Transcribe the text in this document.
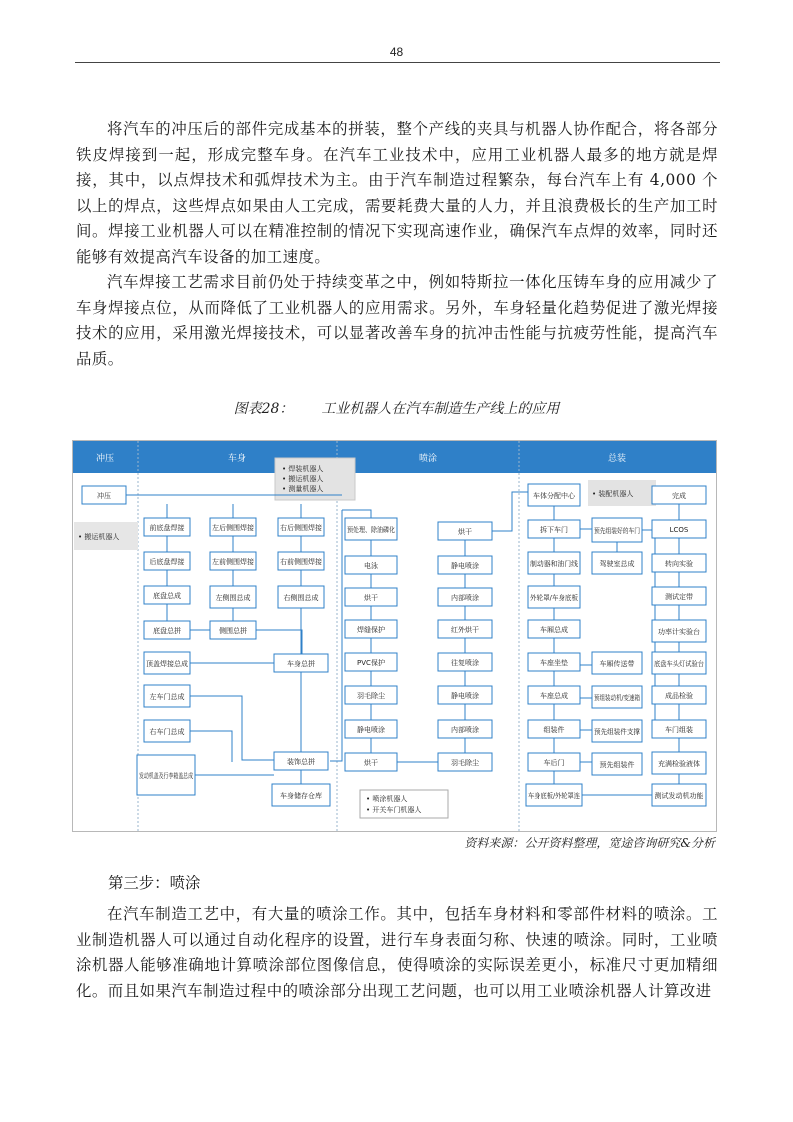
48

将汽车的冲压后的部件完成基本的拼装，整个产线的夹具与机器人协作配合，将各部分铁皮焊接到一起，形成完整车身。在汽车工业技术中，应用工业机器人最多的地方就是焊接，其中，以点焊技术和弧焊技术为主。由于汽车制造过程繁杂，每台汽车上有 4,000 个以上的焊点，这些焊点如果由人工完成，需要耗费大量的人力，并且浪费极长的生产加工时间。焊接工业机器人可以在精准控制的情况下实现高速作业，确保汽车点焊的效率，同时还能够有效提高汽车设备的加工速度。

汽车焊接工艺需求目前仍处于持续变革之中，例如特斯拉一体化压铸车身的应用减少了车身焊接点位，从而降低了工业机器人的应用需求。另外，车身轻量化趋势促进了激光焊接技术的应用，采用激光焊接技术，可以显著改善车身的抗冲击性能与抗疲劳性能，提高汽车品质。

图表28： 工业机器人在汽车制造生产线上的应用
冲压	车身	喷涂	总装
• 搬运机器人
• 焊装机器人
• 搬运机器人
• 测量机器人
• 喷涂机器人
• 开关车门机器人
• 装配机器人
冲压
前底盘焊接
后底盘焊接
底盘总成
底盘总拼
顶盖焊接总成
左车门总成
右车门总成
发动机盖及行李箱盖总成
左后侧围焊接
左前侧围焊接
左侧围总成
侧围总拼
右后侧围焊接
右前侧围焊接
右侧围总成
车身总拼
装饰总拼
车身储存仓库
预处理、除油磷化
电泳
烘干
焊缝保护
PVC保护
羽毛除尘
静电喷涂
烘干
烘干
静电喷涂
内部喷涂
红外烘干
往复喷涂
静电喷涂
内部喷涂
羽毛除尘
车体分配中心
拆下车门
制动器和油门线
外轮罩/车身底板
车厢总成
车座坐垫
车座总成
组装件
车后门
车身底板/外轮罩连
预先组装好的车门
驾驶室总成
车厢传送带
预组装动机/变速箱
预先组装件支撑
预先组装件
完成
LCOS
转向实验
测试定带
功率计实验台
底盘车头灯试验台
成品检验
车门组装
充满检验液体
测试发动机功能
资料来源：公开资料整理，宽途咨询研究&分析
第三步：喷涂

在汽车制造工艺中，有大量的喷涂工作。其中，包括车身材料和零部件材料的喷涂。工业制造机器人可以通过自动化程序的设置，进行车身表面匀称、快速的喷涂。同时，工业喷涂机器人能够准确地计算喷涂部位图像信息，使得喷涂的实际误差更小，标准尺寸更加精细化。而且如果汽车制造过程中的喷涂部分出现工艺问题，也可以用工业喷涂机器人计算改进
